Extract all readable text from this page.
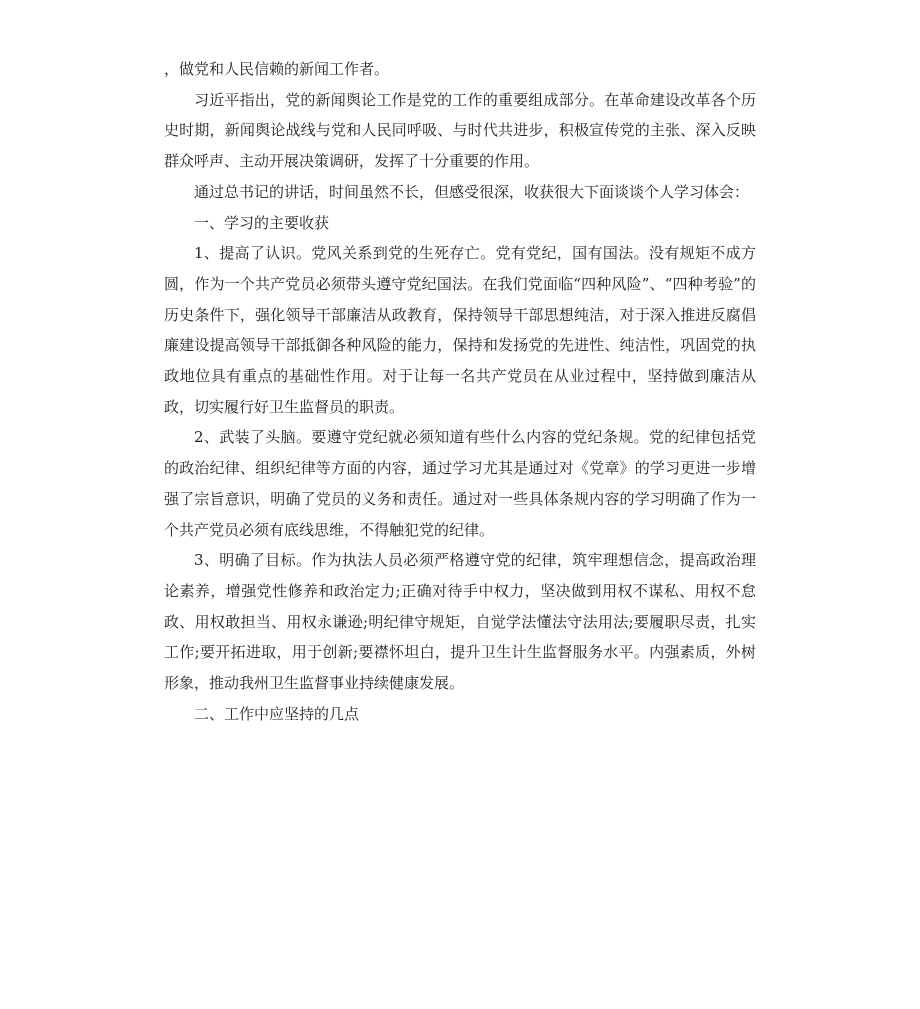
，做党和人民信赖的新闻工作者。

习近平指出，党的新闻舆论工作是党的工作的重要组成部分。在革命建设改革各个历史时期，新闻舆论战线与党和人民同呼吸、与时代共进步，积极宣传党的主张、深入反映群众呼声、主动开展决策调研，发挥了十分重要的作用。

通过总书记的讲话，时间虽然不长，但感受很深，收获很大下面谈谈个人学习体会：

一、学习的主要收获

1、提高了认识。党风关系到党的生死存亡。党有党纪，国有国法。没有规矩不成方圆，作为一个共产党员必须带头遵守党纪国法。在我们党面临“四种风险”、“四种考验”的历史条件下，强化领导干部廉洁从政教育，保持领导干部思想纯洁，对于深入推进反腐倡廉建设提高领导干部抵御各种风险的能力，保持和发扬党的先进性、纯洁性，巩固党的执政地位具有重点的基础性作用。对于让每一名共产党员在从业过程中，坚持做到廉洁从政，切实履行好卫生监督员的职责。

2、武装了头脑。要遵守党纪就必须知道有些什么内容的党纪条规。党的纪律包括党的政治纪律、组织纪律等方面的内容，通过学习尤其是通过对《党章》的学习更进一步增强了宗旨意识，明确了党员的义务和责任。通过对一些具体条规内容的学习明确了作为一个共产党员必须有底线思维，不得触犯党的纪律。

3、明确了目标。作为执法人员必须严格遵守党的纪律，筑牢理想信念，提高政治理论素养，增强党性修养和政治定力;正确对待手中权力，坚决做到用权不谋私、用权不怠政、用权敢担当、用权永谦逊;明纪律守规矩，自觉学法懂法守法用法;要履职尽责，扎实工作;要开拓进取，用于创新;要襟怀坦白，提升卫生计生监督服务水平。内强素质，外树形象，推动我州卫生监督事业持续健康发展。

二、工作中应坚持的几点
